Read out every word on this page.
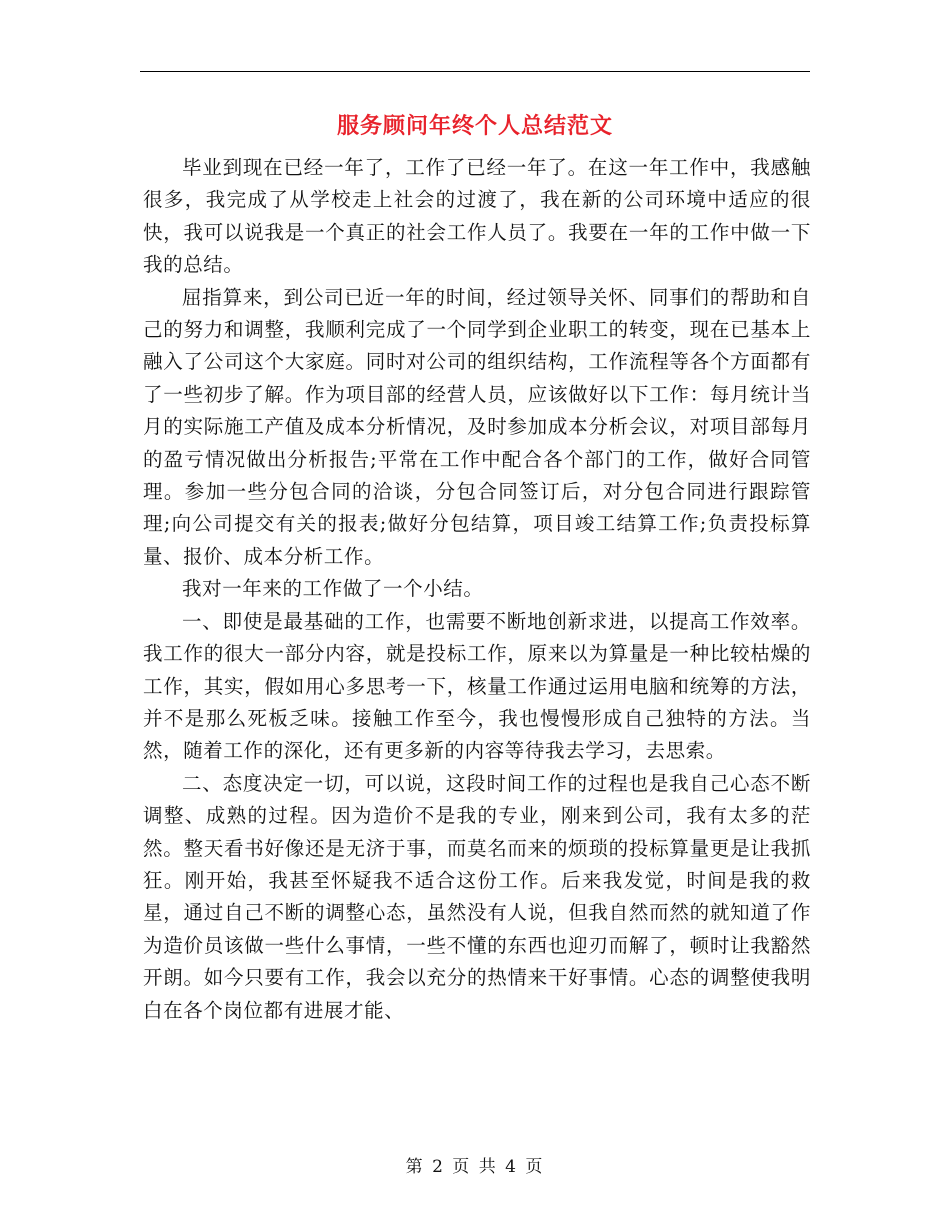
服务顾问年终个人总结范文

毕业到现在已经一年了，工作了已经一年了。在这一年工作中，我感触很多，我完成了从学校走上社会的过渡了，我在新的公司环境中适应的很快，我可以说我是一个真正的社会工作人员了。我要在一年的工作中做一下我的总结。

屈指算来，到公司已近一年的时间，经过领导关怀、同事们的帮助和自己的努力和调整，我顺利完成了一个同学到企业职工的转变，现在已基本上融入了公司这个大家庭。同时对公司的组织结构，工作流程等各个方面都有了一些初步了解。作为项目部的经营人员，应该做好以下工作：每月统计当月的实际施工产值及成本分析情况，及时参加成本分析会议，对项目部每月的盈亏情况做出分析报告;平常在工作中配合各个部门的工作，做好合同管理。参加一些分包合同的洽谈，分包合同签订后，对分包合同进行跟踪管理;向公司提交有关的报表;做好分包结算，项目竣工结算工作;负责投标算量、报价、成本分析工作。

我对一年来的工作做了一个小结。

一、即使是最基础的工作，也需要不断地创新求进，以提高工作效率。我工作的很大一部分内容，就是投标工作，原来以为算量是一种比较枯燥的工作，其实，假如用心多思考一下，核量工作通过运用电脑和统筹的方法，并不是那么死板乏味。接触工作至今，我也慢慢形成自己独特的方法。当然，随着工作的深化，还有更多新的内容等待我去学习，去思索。

二、态度决定一切，可以说，这段时间工作的过程也是我自己心态不断调整、成熟的过程。因为造价不是我的专业，刚来到公司，我有太多的茫然。整天看书好像还是无济于事，而莫名而来的烦琐的投标算量更是让我抓狂。刚开始，我甚至怀疑我不适合这份工作。后来我发觉，时间是我的救星，通过自己不断的调整心态，虽然没有人说，但我自然而然的就知道了作为造价员该做一些什么事情，一些不懂的东西也迎刃而解了，顿时让我豁然开朗。如今只要有工作，我会以充分的热情来干好事情。心态的调整使我明白在各个岗位都有进展才能、

第 2 页 共 4 页
